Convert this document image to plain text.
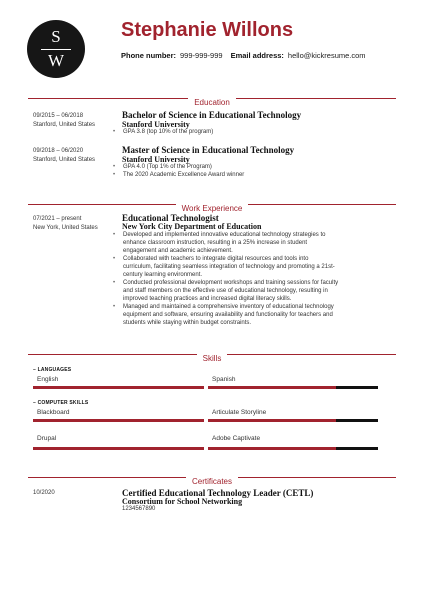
S
W
Stephanie Willons
Phone number: 999-999-999 Email address: hello@kickresume.com
Education
09/2015 – 06/2018
Stanford, United States
Bachelor of Science in Educational Technology
Stanford University
• GPA 3.8 (top 10% of the program)
09/2018 – 06/2020
Stanford, United States
Master of Science in Educational Technology
Stanford University
• GPA 4.0 (Top 1% of the Program)
• The 2020 Academic Excellence Award winner
Work Experience
07/2021 – present
New York, United States
Educational Technologist
New York City Department of Education
• Developed and implemented innovative educational technology strategies to
enhance classroom instruction, resulting in a 25% increase in student
engagement and academic achievement.
• Collaborated with teachers to integrate digital resources and tools into
curriculum, facilitating seamless integration of technology and promoting a 21st-
century learning environment.
• Conducted professional development workshops and training sessions for faculty
and staff members on the effective use of educational technology, resulting in
improved teaching practices and increased digital literacy skills.
• Managed and maintained a comprehensive inventory of educational technology
equipment and software, ensuring availability and functionality for teachers and
students while staying within budget constraints.
Skills
– LANGUAGES
English	Spanish
– COMPUTER SKILLS
Blackboard	Articulate Storyline
Drupal	Adobe Captivate
Certificates
10/2020	Certified Educational Technology Leader (CETL)
Consortium for School Networking
1234567890
